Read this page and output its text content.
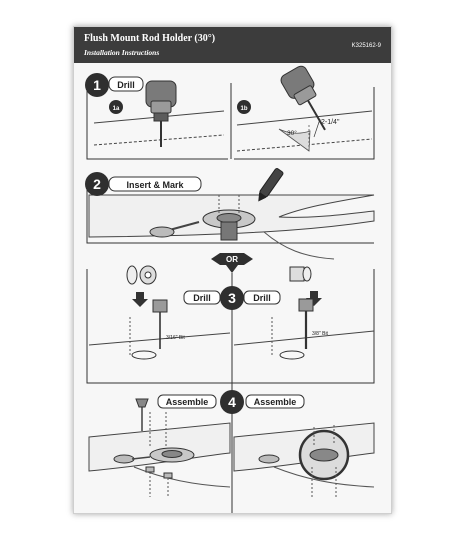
Flush Mount Rod Holder (30°)
Installation Instructions
K325162-9
30°
2-1/4"
1 Drill
1a	1b
2	Insert & Mark
OR
3/16" Bit
3/8" Bit
Drill	Drill
3
Assemble	Assemble
4
